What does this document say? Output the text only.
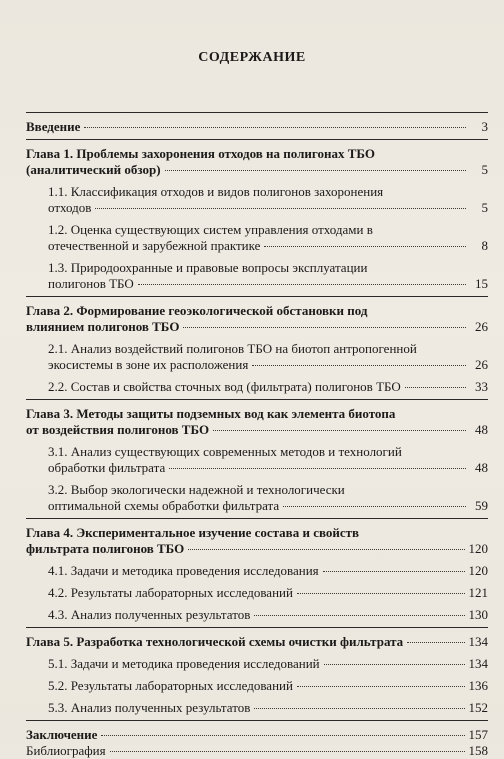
СОДЕРЖАНИЕ
Введение	3
Глава 1. Проблемы захоронения отходов на полигонах ТБО
(аналитический обзор)	5
1.1. Классификация отходов и видов полигонов захоронения
отходов	5
1.2. Оценка существующих систем управления отходами в
отечественной и зарубежной практике	8
1.3. Природоохранные и правовые вопросы эксплуатации
полигонов ТБО	15
Глава 2. Формирование геоэкологической обстановки под
влиянием полигонов ТБО	26
2.1. Анализ воздействий полигонов ТБО на биотоп антропогенной
экосистемы в зоне их расположения	26
2.2. Состав и свойства сточных вод (фильтрата) полигонов ТБО	33
Глава 3. Методы защиты подземных вод как элемента биотопа
от воздействия полигонов ТБО	48
3.1. Анализ существующих современных методов и технологий
обработки фильтрата	48
3.2. Выбор экологически надежной и технологически
оптимальной схемы обработки фильтрата	59
Глава 4. Экспериментальное изучение состава и свойств
фильтрата полигонов ТБО	120
4.1. Задачи и методика проведения исследования	120
4.2. Результаты лабораторных исследований	121
4.3. Анализ полученных результатов	130
Глава 5. Разработка технологической схемы очистки фильтрата	134
5.1. Задачи и методика проведения исследований	134
5.2. Результаты лабораторных исследований	136
5.3. Анализ полученных результатов	152
Заключение	157
Библиография	158
